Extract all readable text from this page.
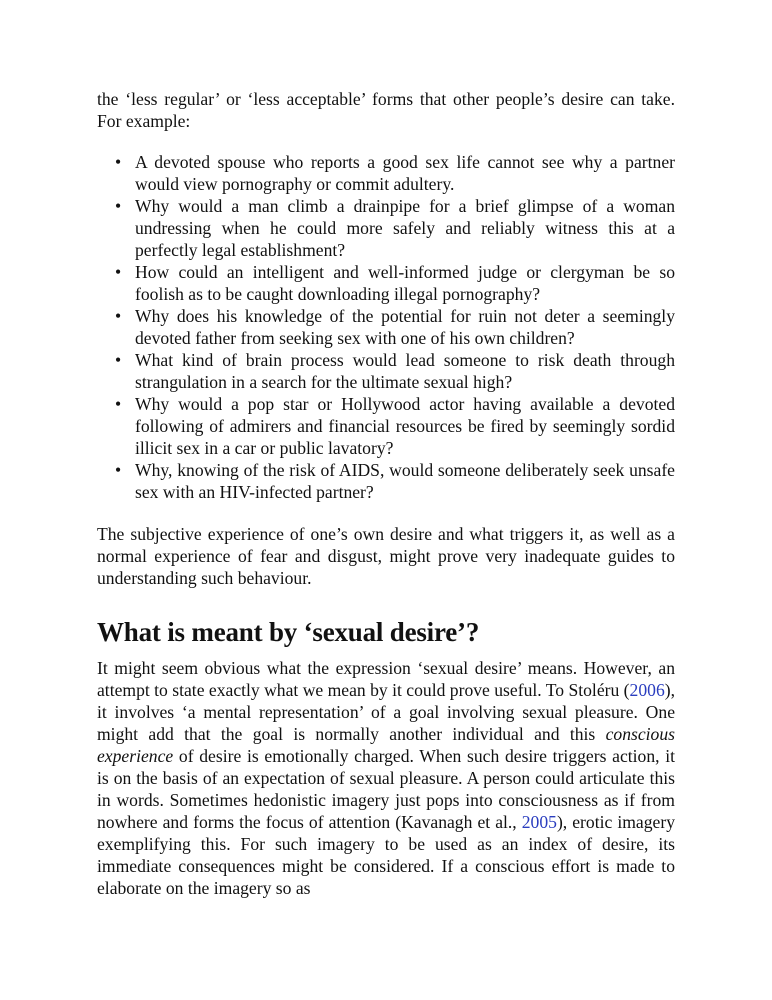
the ‘less regular’ or ‘less acceptable’ forms that other people’s desire can take. For example:

• A devoted spouse who reports a good sex life cannot see why a partner would view pornography or commit adultery.
• Why would a man climb a drainpipe for a brief glimpse of a woman undressing when he could more safely and reliably witness this at a perfectly legal establishment?
• How could an intelligent and well-informed judge or clergyman be so foolish as to be caught downloading illegal pornography?
• Why does his knowledge of the potential for ruin not deter a seemingly devoted father from seeking sex with one of his own children?
• What kind of brain process would lead someone to risk death through strangulation in a search for the ultimate sexual high?
• Why would a pop star or Hollywood actor having available a devoted following of admirers and financial resources be fired by seemingly sordid illicit sex in a car or public lavatory?
• Why, knowing of the risk of AIDS, would someone deliberately seek unsafe sex with an HIV-infected partner?

The subjective experience of one’s own desire and what triggers it, as well as a normal experience of fear and disgust, might prove very inadequate guides to understanding such behaviour.

What is meant by ‘sexual desire’?

It might seem obvious what the expression ‘sexual desire’ means. However, an attempt to state exactly what we mean by it could prove useful. To Stoléru (2006), it involves ‘a mental representation’ of a goal involving sexual pleasure. One might add that the goal is normally another individual and this conscious experience of desire is emotionally charged. When such desire triggers action, it is on the basis of an expectation of sexual pleasure. A person could articulate this in words. Sometimes hedonistic imagery just pops into consciousness as if from nowhere and forms the focus of attention (Kavanagh et al., 2005), erotic imagery exemplifying this. For such imagery to be used as an index of desire, its immediate consequences might be considered. If a conscious effort is made to elaborate on the imagery so as
